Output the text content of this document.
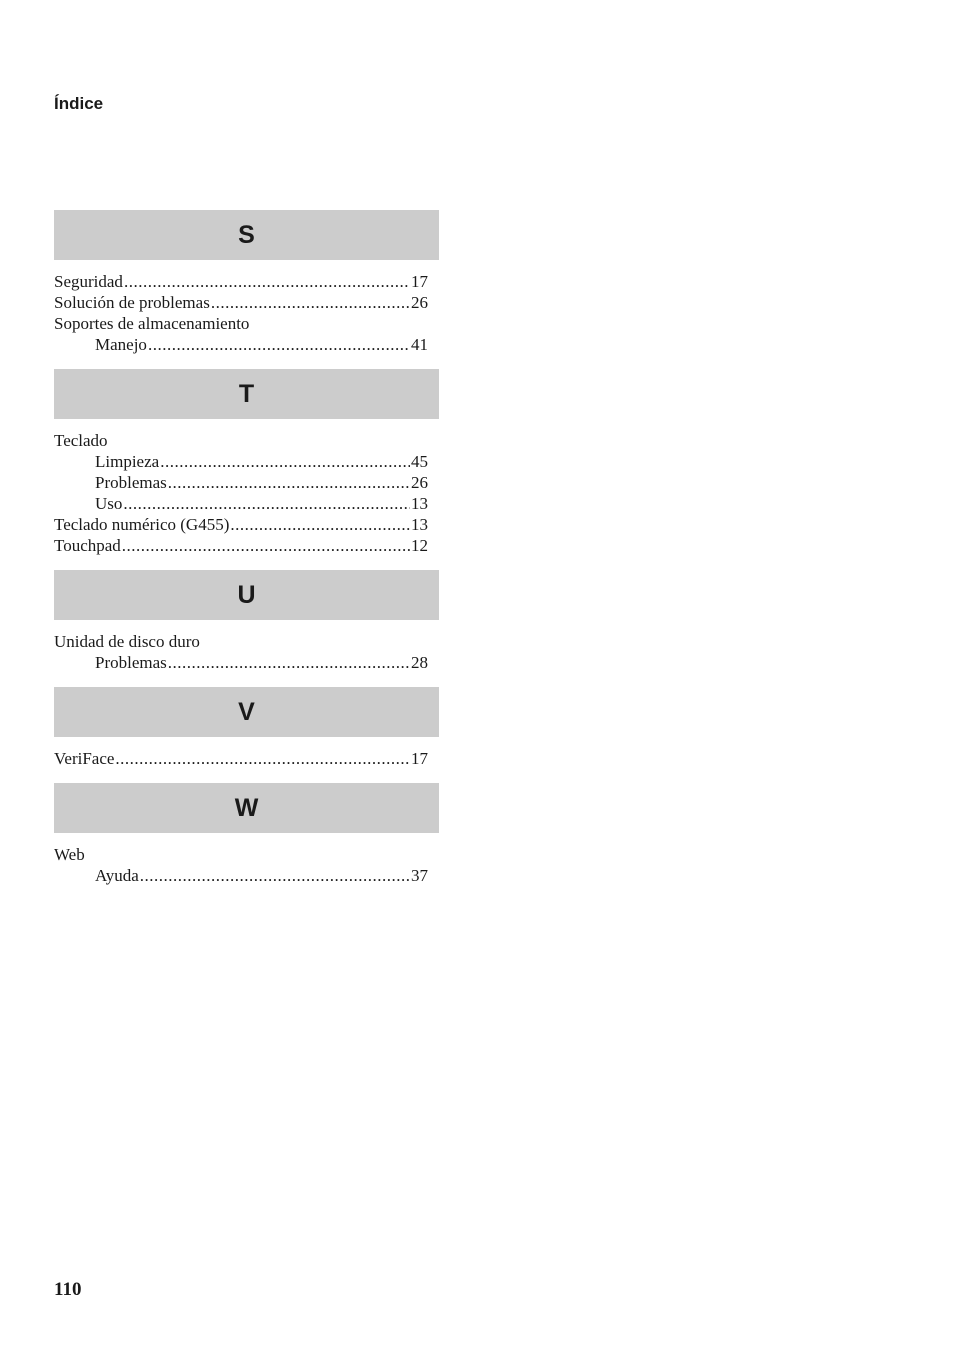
Índice
S
Seguridad .....	17
Solución de problemas .....	26
Soportes de almacenamiento
Manejo .....	41
T
Teclado
Limpieza .....	45
Problemas .....	26
Uso .....	13
Teclado numérico (G455) .....	13
Touchpad .....	12
U
Unidad de disco duro
Problemas .....	28
V
VeriFace .....	17
W
Web
Ayuda .....	37

110
